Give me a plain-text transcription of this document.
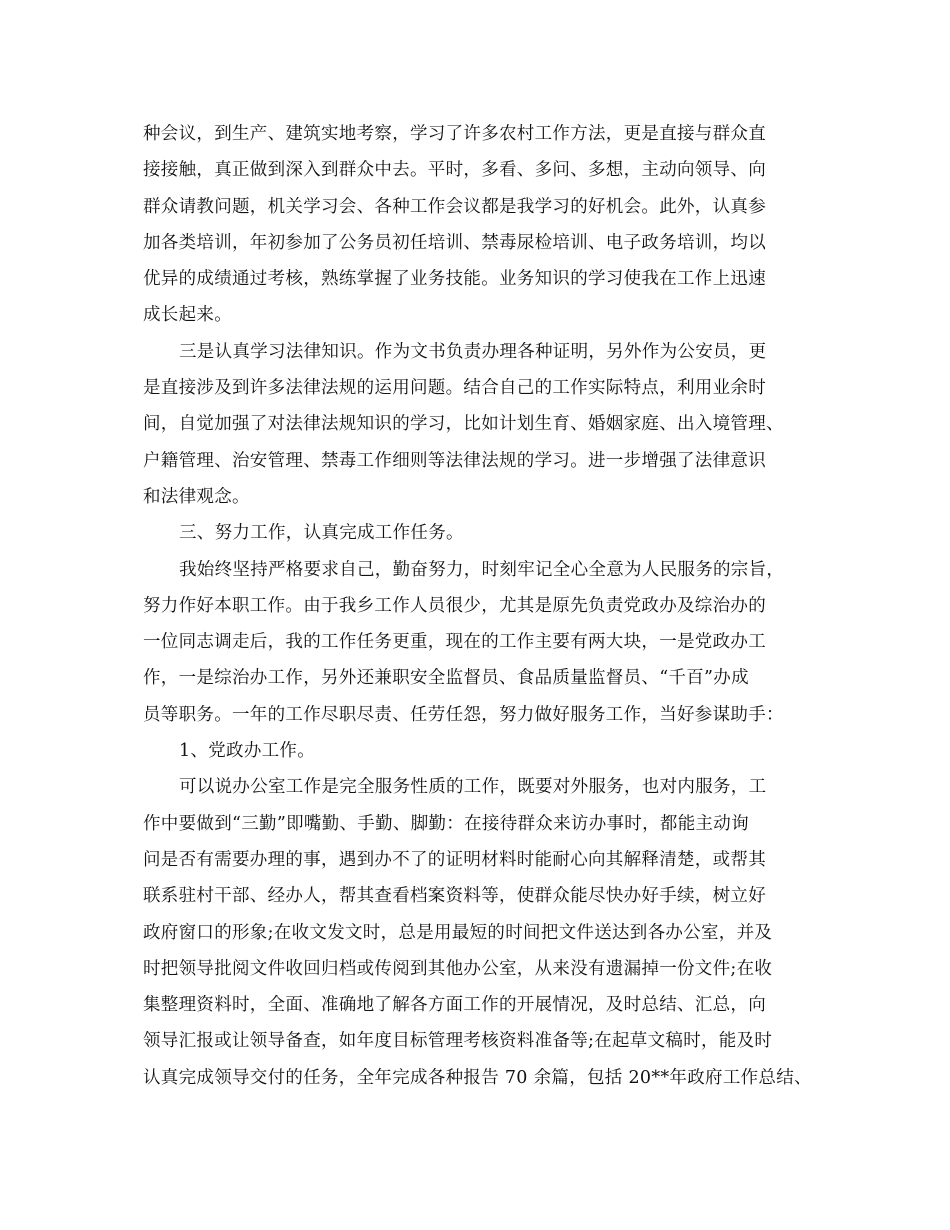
种会议，到生产、建筑实地考察，学习了许多农村工作方法，更是直接与群众直
接接触，真正做到深入到群众中去。平时，多看、多问、多想，主动向领导、向
群众请教问题，机关学习会、各种工作会议都是我学习的好机会。此外，认真参
加各类培训，年初参加了公务员初任培训、禁毒尿检培训、电子政务培训，均以
优异的成绩通过考核，熟练掌握了业务技能。业务知识的学习使我在工作上迅速
成长起来。
三是认真学习法律知识。作为文书负责办理各种证明，另外作为公安员，更
是直接涉及到许多法律法规的运用问题。结合自己的工作实际特点，利用业余时
间，自觉加强了对法律法规知识的学习，比如计划生育、婚姻家庭、出入境管理、
户籍管理、治安管理、禁毒工作细则等法律法规的学习。进一步增强了法律意识
和法律观念。
三、努力工作，认真完成工作任务。
我始终坚持严格要求自己，勤奋努力，时刻牢记全心全意为人民服务的宗旨，
努力作好本职工作。由于我乡工作人员很少，尤其是原先负责党政办及综治办的
一位同志调走后，我的工作任务更重，现在的工作主要有两大块，一是党政办工
作，一是综治办工作，另外还兼职安全监督员、食品质量监督员、“千百”办成
员等职务。一年的工作尽职尽责、任劳任怨，努力做好服务工作，当好参谋助手：
1、党政办工作。
可以说办公室工作是完全服务性质的工作，既要对外服务，也对内服务，工
作中要做到“三勤”即嘴勤、手勤、脚勤：在接待群众来访办事时，都能主动询
问是否有需要办理的事，遇到办不了的证明材料时能耐心向其解释清楚，或帮其
联系驻村干部、经办人，帮其查看档案资料等，使群众能尽快办好手续，树立好
政府窗口的形象;在收文发文时，总是用最短的时间把文件送达到各办公室，并及
时把领导批阅文件收回归档或传阅到其他办公室，从来没有遗漏掉一份文件;在收
集整理资料时，全面、准确地了解各方面工作的开展情况，及时总结、汇总，向
领导汇报或让领导备查，如年度目标管理考核资料准备等;在起草文稿时，能及时
认真完成领导交付的任务，全年完成各种报告 70 余篇，包括 20**年政府工作总结、
